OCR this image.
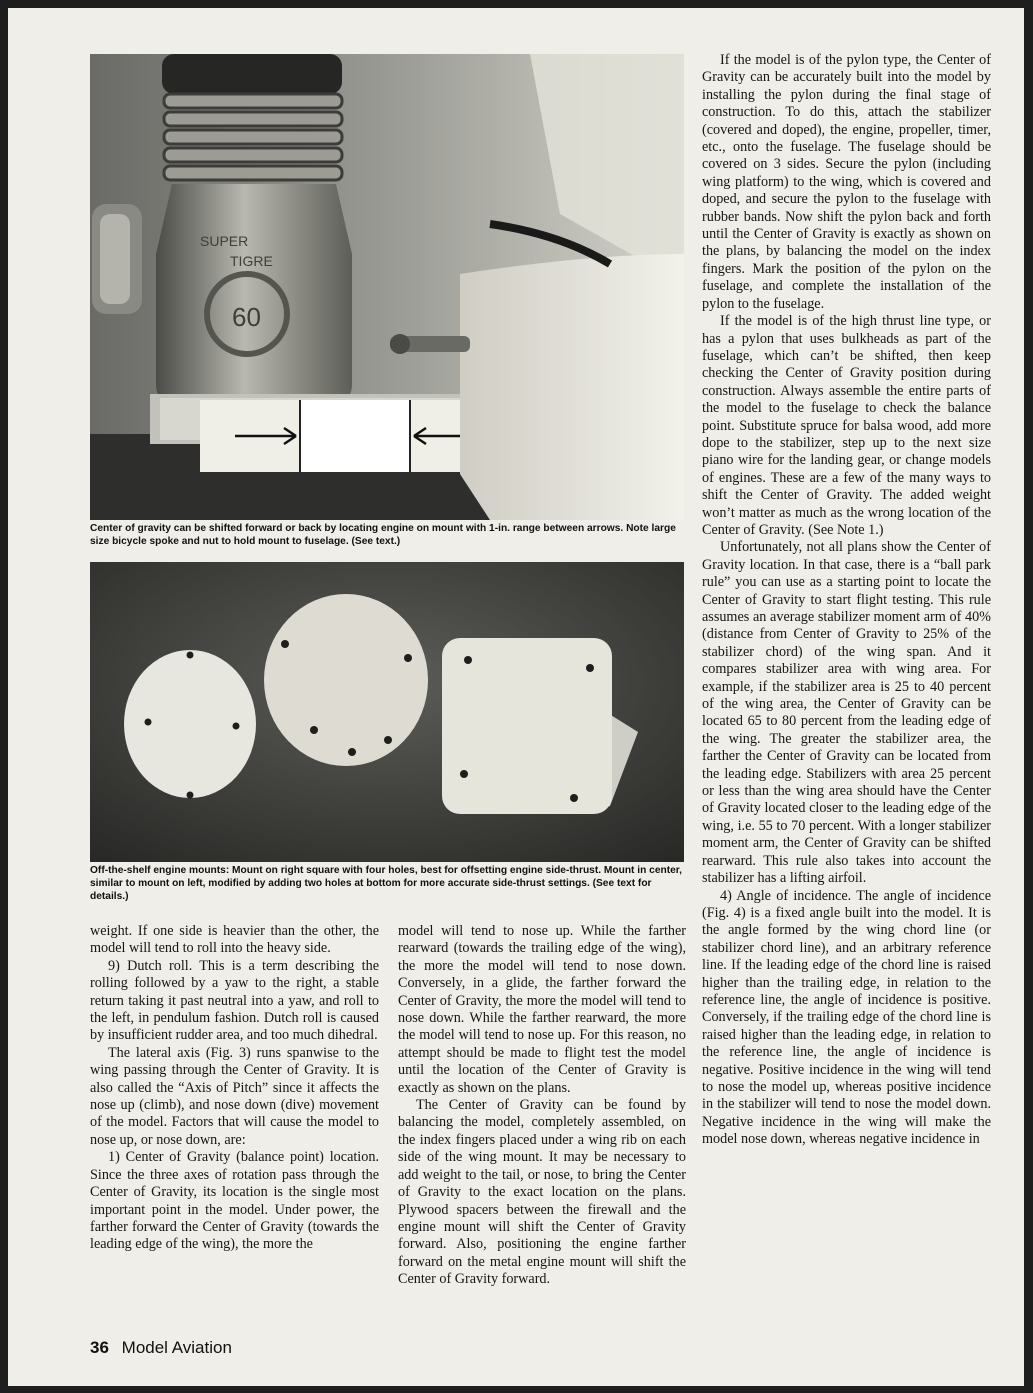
SUPER
TIGRE
60

Center of gravity can be shifted forward or back by locating engine on mount with 1-in. range between arrows. Note large size bicycle spoke and nut to hold mount to fuselage. (See text.)

Off-the-shelf engine mounts: Mount on right square with four holes, best for offsetting engine side-thrust. Mount in center, similar to mount on left, modified by adding two holes at bottom for more accurate side-thrust settings. (See text for details.)

If the model is of the pylon type, the Center of Gravity can be accurately built into the model by installing the pylon during the final stage of construction. To do this, attach the stabilizer (covered and doped), the engine, propeller, timer, etc., onto the fuselage. The fuselage should be covered on 3 sides. Secure the pylon (including wing platform) to the wing, which is covered and doped, and secure the pylon to the fuselage with rubber bands. Now shift the pylon back and forth until the Center of Gravity is exactly as shown on the plans, by balancing the model on the index fingers. Mark the position of the pylon on the fuselage, and complete the installation of the pylon to the fuselage.

If the model is of the high thrust line type, or has a pylon that uses bulkheads as part of the fuselage, which can’t be shifted, then keep checking the Center of Gravity position during construction. Always assemble the entire parts of the model to the fuselage to check the balance point. Substitute spruce for balsa wood, add more dope to the stabilizer, step up to the next size piano wire for the landing gear, or change models of engines. These are a few of the many ways to shift the Center of Gravity. The added weight won’t matter as much as the wrong location of the Center of Gravity. (See Note 1.)

Unfortunately, not all plans show the Center of Gravity location. In that case, there is a “ball park rule” you can use as a starting point to locate the Center of Gravity to start flight testing. This rule assumes an average stabilizer moment arm of 40% (distance from Center of Gravity to 25% of the stabilizer chord) of the wing span. And it compares stabilizer area with wing area. For example, if the stabilizer area is 25 to 40 percent of the wing area, the Center of Gravity can be located 65 to 80 percent from the leading edge of the wing. The greater the stabilizer area, the farther the Center of Gravity can be located from the leading edge. Stabilizers with area 25 percent or less than the wing area should have the Center of Gravity located closer to the leading edge of the wing, i.e. 55 to 70 percent. With a longer stabilizer moment arm, the Center of Gravity can be shifted rearward. This rule also takes into account the stabilizer has a lifting airfoil.

4) Angle of incidence. The angle of incidence (Fig. 4) is a fixed angle built into the model. It is the angle formed by the wing chord line (or stabilizer chord line), and an arbitrary reference line. If the leading edge of the chord line is raised higher than the trailing edge, in relation to the reference line, the angle of incidence is positive. Conversely, if the trailing edge of the chord line is raised higher than the leading edge, in relation to the reference line, the angle of incidence is negative. Positive incidence in the wing will tend to nose the model up, whereas positive incidence in the stabilizer will tend to nose the model down. Negative incidence in the wing will make the model nose down, whereas negative incidence in

weight. If one side is heavier than the other, the model will tend to roll into the heavy side.

9) Dutch roll. This is a term describing the rolling followed by a yaw to the right, a stable return taking it past neutral into a yaw, and roll to the left, in pendulum fashion. Dutch roll is caused by insufficient rudder area, and too much dihedral.

The lateral axis (Fig. 3) runs spanwise to the wing passing through the Center of Gravity. It is also called the “Axis of Pitch” since it affects the nose up (climb), and nose down (dive) movement of the model. Factors that will cause the model to nose up, or nose down, are:

1) Center of Gravity (balance point) location. Since the three axes of rotation pass through the Center of Gravity, its location is the single most important point in the model. Under power, the farther forward the Center of Gravity (towards the leading edge of the wing), the more the

model will tend to nose up. While the farther rearward (towards the trailing edge of the wing), the more the model will tend to nose down. Conversely, in a glide, the farther forward the Center of Gravity, the more the model will tend to nose down. While the farther rearward, the more the model will tend to nose up. For this reason, no attempt should be made to flight test the model until the location of the Center of Gravity is exactly as shown on the plans.

The Center of Gravity can be found by balancing the model, completely assembled, on the index fingers placed under a wing rib on each side of the wing mount. It may be necessary to add weight to the tail, or nose, to bring the Center of Gravity to the exact location on the plans. Plywood spacers between the firewall and the engine mount will shift the Center of Gravity forward. Also, positioning the engine farther forward on the metal engine mount will shift the Center of Gravity forward.

36 Model Aviation
